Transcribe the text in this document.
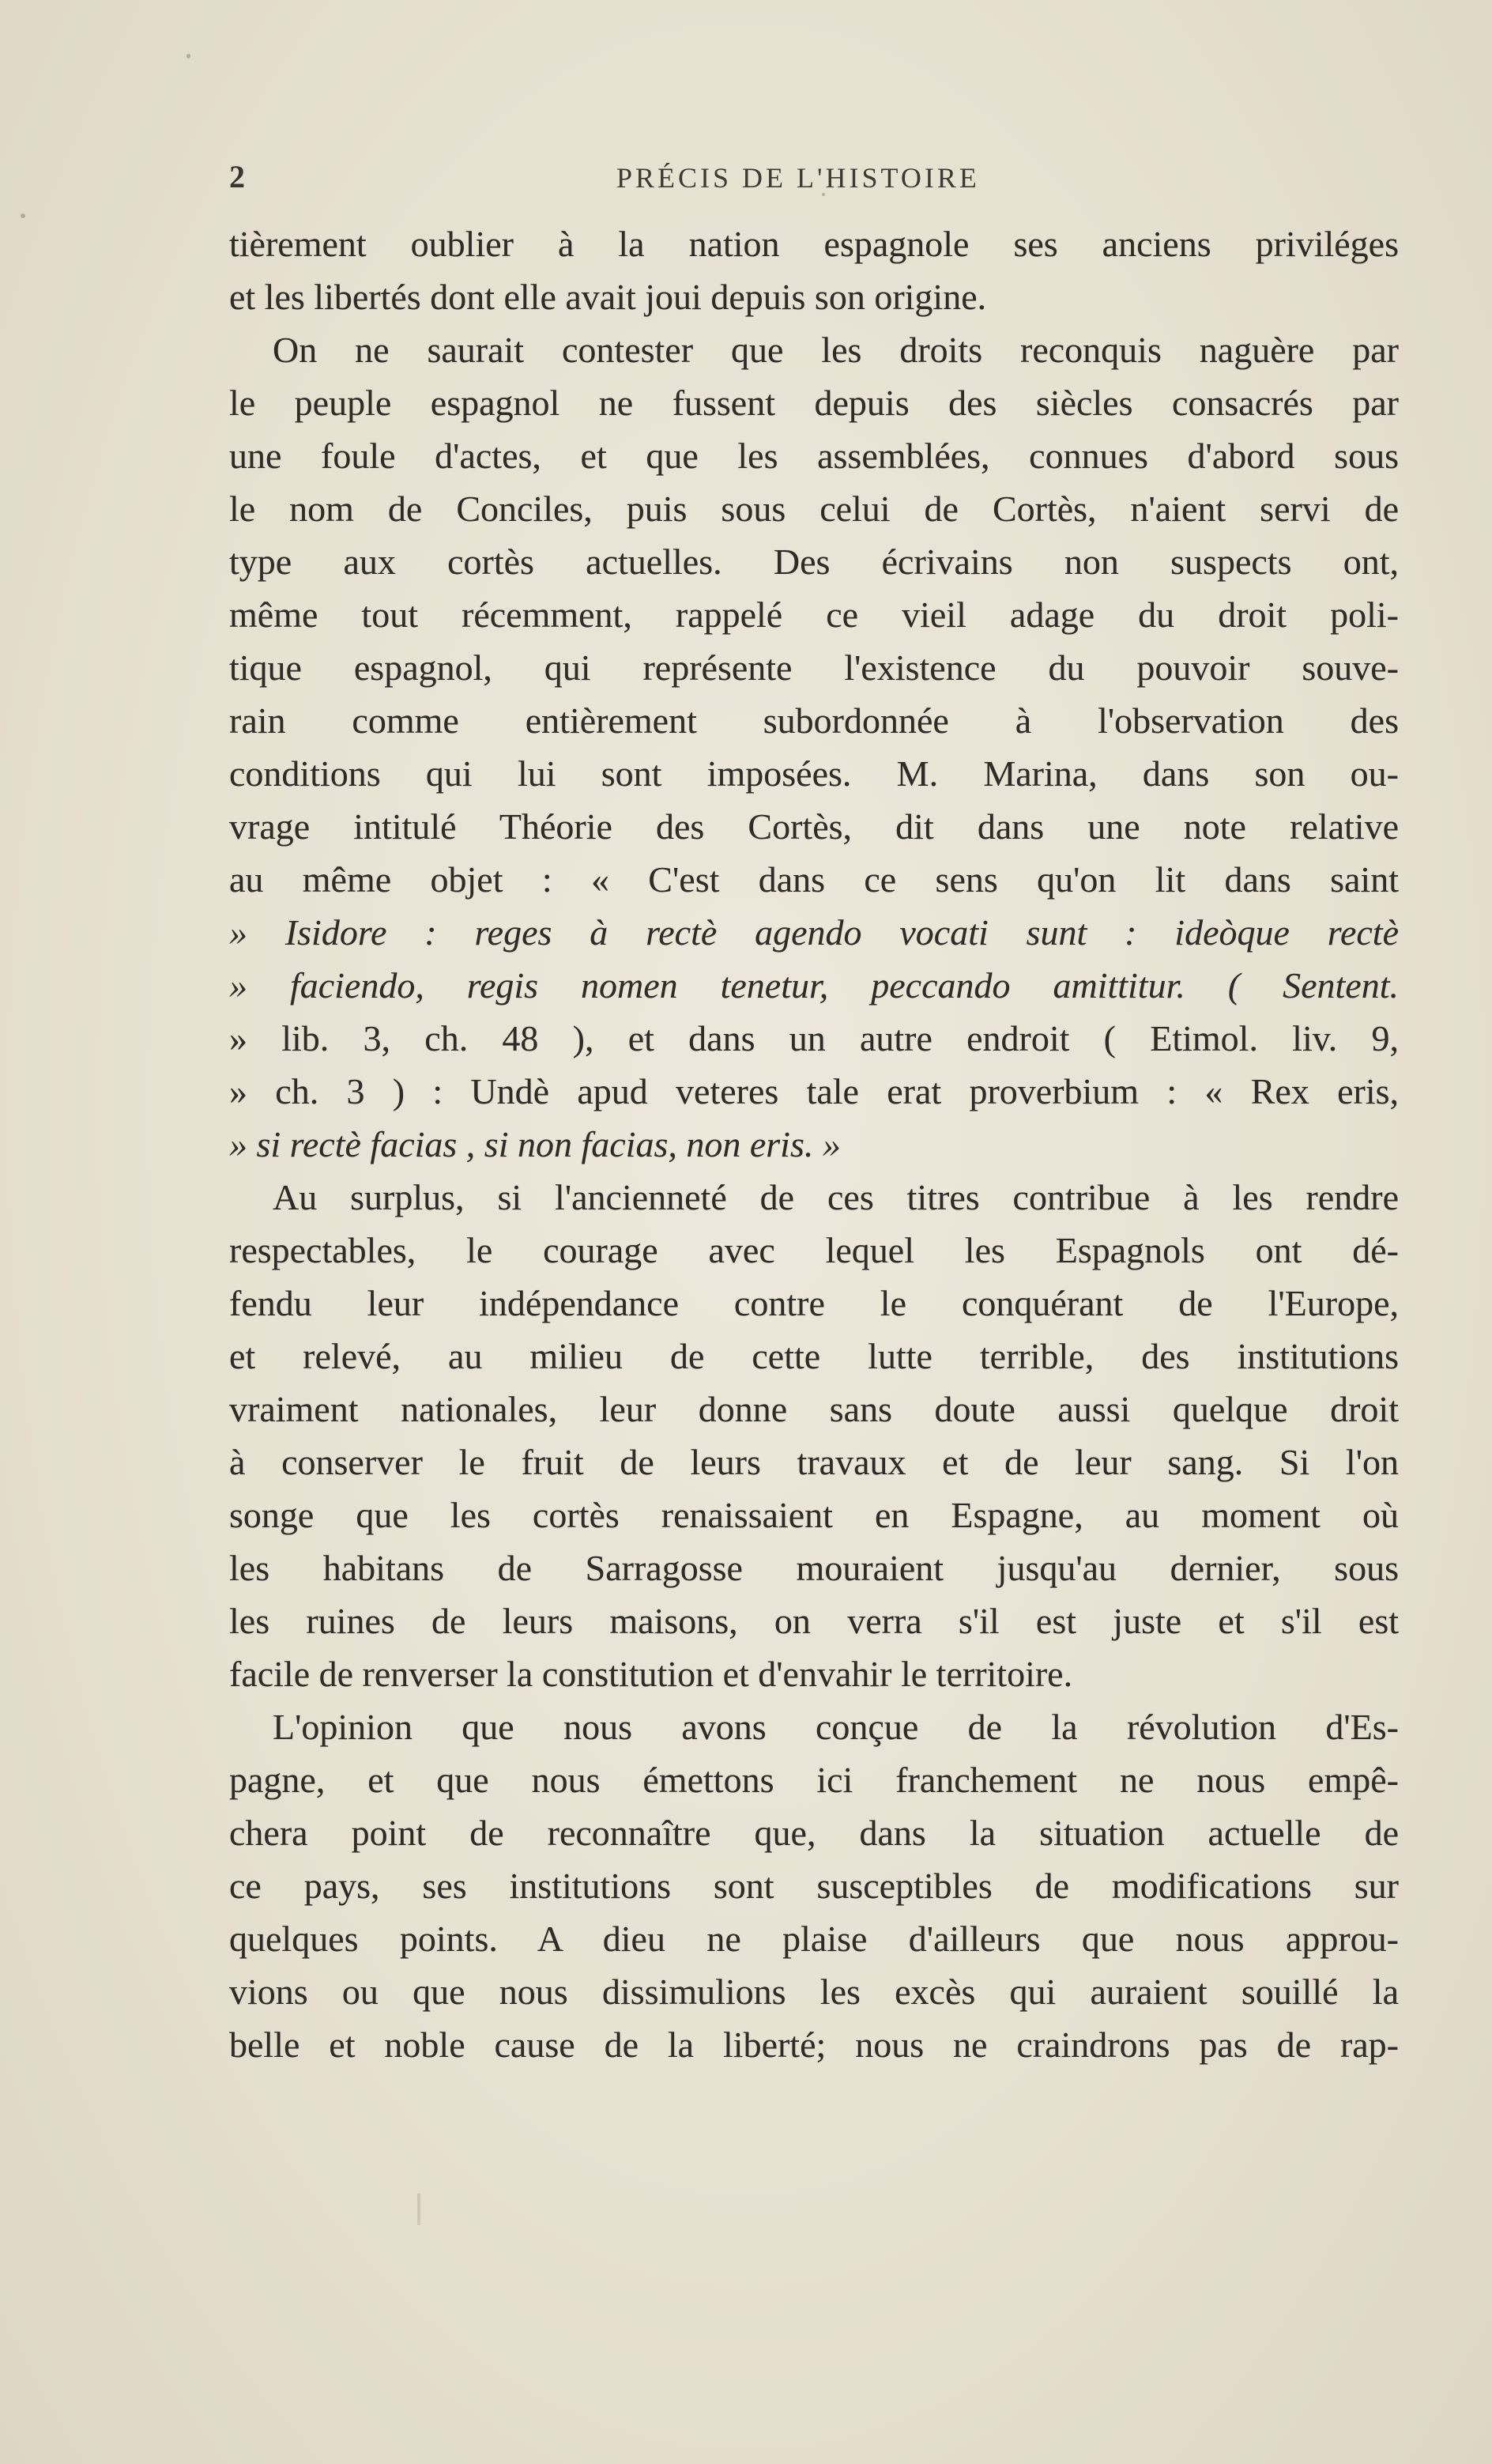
2	PRÉCIS DE L'HISTOIRE
tièrement oublier à la nation espagnole ses anciens priviléges
et les libertés dont elle avait joui depuis son origine.
On ne saurait contester que les droits reconquis naguère par
le peuple espagnol ne fussent depuis des siècles consacrés par
une foule d'actes, et que les assemblées, connues d'abord sous
le nom de Conciles, puis sous celui de Cortès, n'aient servi de
type aux cortès actuelles. Des écrivains non suspects ont,
même tout récemment, rappelé ce vieil adage du droit poli-
tique espagnol, qui représente l'existence du pouvoir souve-
rain comme entièrement subordonnée à l'observation des
conditions qui lui sont imposées. M. Marina, dans son ou-
vrage intitulé Théorie des Cortès, dit dans une note relative
au même objet : « C'est dans ce sens qu'on lit dans saint
» Isidore : reges à rectè agendo vocati sunt : ideòque rectè
» faciendo, regis nomen tenetur, peccando amittitur. ( Sentent.
» lib. 3, ch. 48 ), et dans un autre endroit ( Etimol. liv. 9,
» ch. 3 ) : Undè apud veteres tale erat proverbium : « Rex eris,
» si rectè facias , si non facias, non eris. »
Au surplus, si l'ancienneté de ces titres contribue à les rendre
respectables, le courage avec lequel les Espagnols ont dé-
fendu leur indépendance contre le conquérant de l'Europe,
et relevé, au milieu de cette lutte terrible, des institutions
vraiment nationales, leur donne sans doute aussi quelque droit
à conserver le fruit de leurs travaux et de leur sang. Si l'on
songe que les cortès renaissaient en Espagne, au moment où
les habitans de Sarragosse mouraient jusqu'au dernier, sous
les ruines de leurs maisons, on verra s'il est juste et s'il est
facile de renverser la constitution et d'envahir le territoire.
L'opinion que nous avons conçue de la révolution d'Es-
pagne, et que nous émettons ici franchement ne nous empê-
chera point de reconnaître que, dans la situation actuelle de
ce pays, ses institutions sont susceptibles de modifications sur
quelques points. A dieu ne plaise d'ailleurs que nous approu-
vions ou que nous dissimulions les excès qui auraient souillé la
belle et noble cause de la liberté; nous ne craindrons pas de rap-
